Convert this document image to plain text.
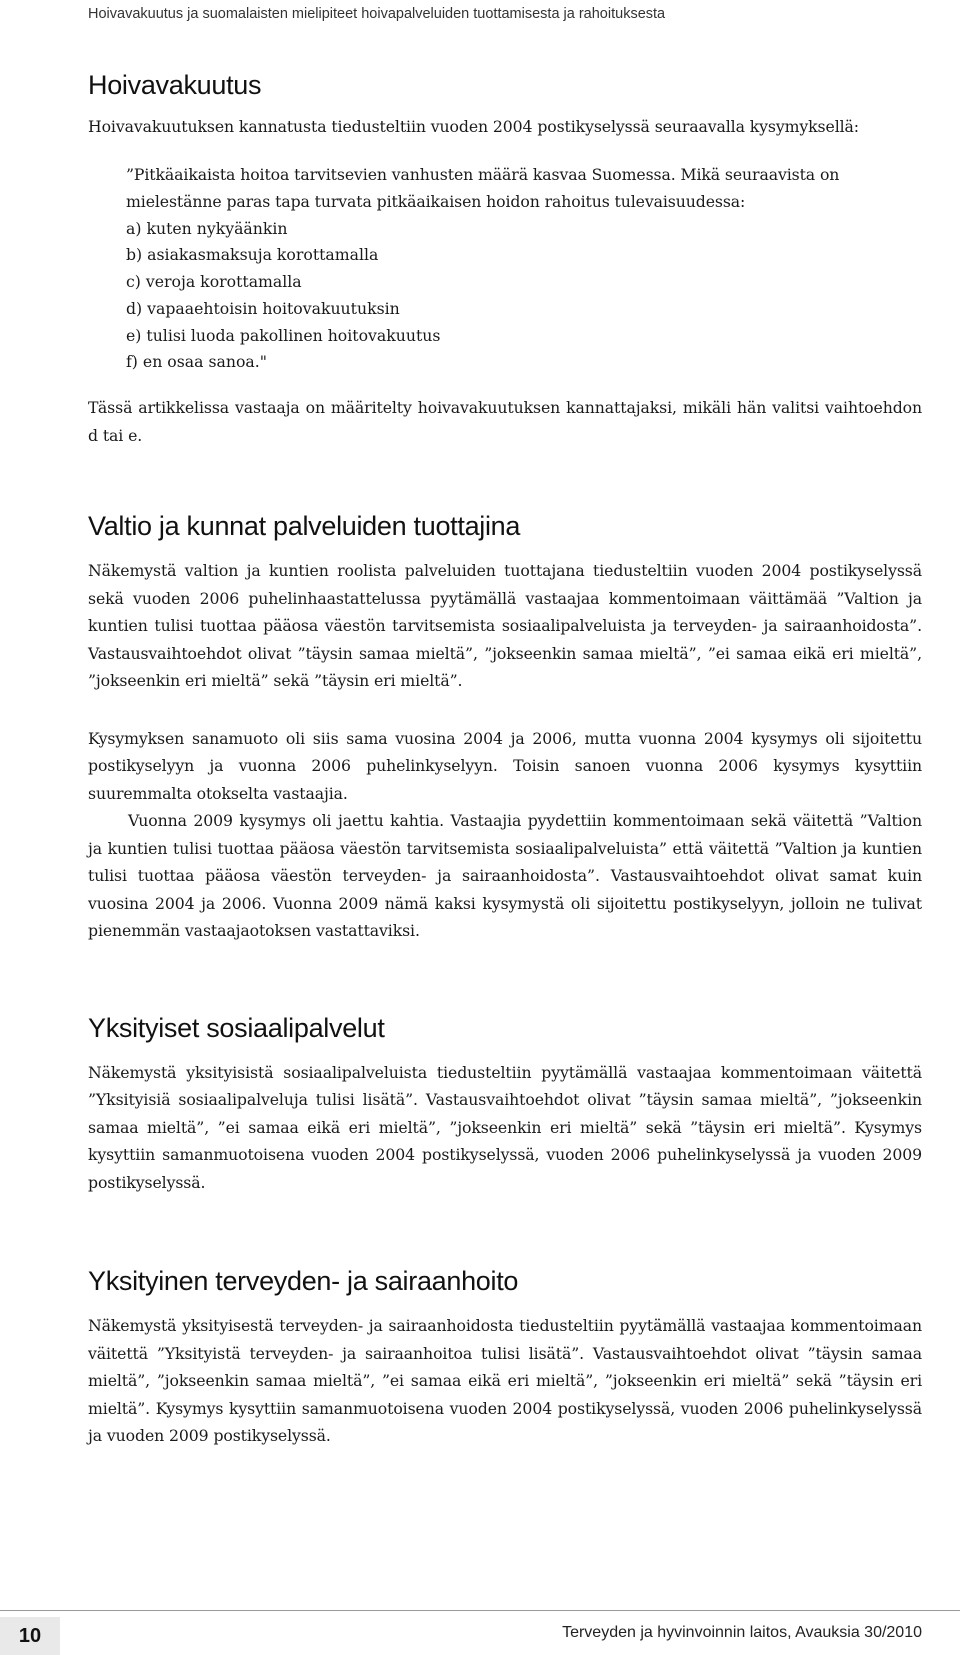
Hoivavakuutus ja suomalaisten mielipiteet hoivapalveluiden tuottamisesta ja rahoituksesta
Hoivavakuutus

Hoivavakuutuksen kannatusta tiedusteltiin vuoden 2004 postikyselyssä seuraavalla kysymyksellä:

”Pitkäaikaista hoitoa tarvitsevien vanhusten määrä kasvaa Suomessa. Mikä seuraavista on mielestänne paras tapa turvata pitkäaikaisen hoidon rahoitus tulevaisuudessa:

a) kuten nykyäänkin
b) asiakasmaksuja korottamalla
c) veroja korottamalla
d) vapaaehtoisin hoitovakuutuksin
e) tulisi luoda pakollinen hoitovakuutus
f) en osaa sanoa."

Tässä artikkelissa vastaaja on määritelty hoivavakuutuksen kannattajaksi, mikäli hän valitsi vaihtoehdon d tai e.

Valtio ja kunnat palveluiden tuottajina

Näkemystä valtion ja kuntien roolista palveluiden tuottajana tiedusteltiin vuoden 2004 postikyselyssä sekä vuoden 2006 puhelinhaastattelussa pyytämällä vastaajaa kommentoimaan väittämää ”Valtion ja kuntien tulisi tuottaa pääosa väestön tarvitsemista sosiaalipalveluista ja terveyden- ja sairaanhoidosta”. Vastausvaihtoehdot olivat ”täysin samaa mieltä”, ”jokseenkin samaa mieltä”, ”ei samaa eikä eri mieltä”, ”jokseenkin eri mieltä” sekä ”täysin eri mieltä”.

Kysymyksen sanamuoto oli siis sama vuosina 2004 ja 2006, mutta vuonna 2004 kysymys oli sijoitettu postikyselyyn ja vuonna 2006 puhelinkyselyyn. Toisin sanoen vuonna 2006 kysymys kysyttiin suuremmalta otokselta vastaajia.

Vuonna 2009 kysymys oli jaettu kahtia. Vastaajia pyydettiin kommentoimaan sekä väitettä ”Valtion ja kuntien tulisi tuottaa pääosa väestön tarvitsemista sosiaalipalveluista” että väitettä ”Valtion ja kuntien tulisi tuottaa pääosa väestön terveyden- ja sairaanhoidosta”. Vastausvaihtoehdot olivat samat kuin vuosina 2004 ja 2006. Vuonna 2009 nämä kaksi kysymystä oli sijoitettu postikyselyyn, jolloin ne tulivat pienemmän vastaajaotoksen vastattaviksi.

Yksityiset sosiaalipalvelut

Näkemystä yksityisistä sosiaalipalveluista tiedusteltiin pyytämällä vastaajaa kommentoimaan väitettä ”Yksityisiä sosiaalipalveluja tulisi lisätä”. Vastausvaihtoehdot olivat ”täysin samaa mieltä”, ”jokseenkin samaa mieltä”, ”ei samaa eikä eri mieltä”, ”jokseenkin eri mieltä” sekä ”täysin eri mieltä”. Kysymys kysyttiin samanmuotoisena vuoden 2004 postikyselyssä, vuoden 2006 puhelinkyselyssä ja vuoden 2009 postikyselyssä.

Yksityinen terveyden- ja sairaanhoito

Näkemystä yksityisestä terveyden- ja sairaanhoidosta tiedusteltiin pyytämällä vastaajaa kommentoimaan väitettä ”Yksityistä terveyden- ja sairaanhoitoa tulisi lisätä”. Vastausvaihtoehdot olivat ”täysin samaa mieltä”, ”jokseenkin samaa mieltä”, ”ei samaa eikä eri mieltä”, ”jokseenkin eri mieltä” sekä ”täysin eri mieltä”. Kysymys kysyttiin samanmuotoisena vuoden 2004 postikyselyssä, vuoden 2006 puhelinkyselyssä ja vuoden 2009 postikyselyssä.

10	Terveyden ja hyvinvoinnin laitos, Avauksia 30/2010
